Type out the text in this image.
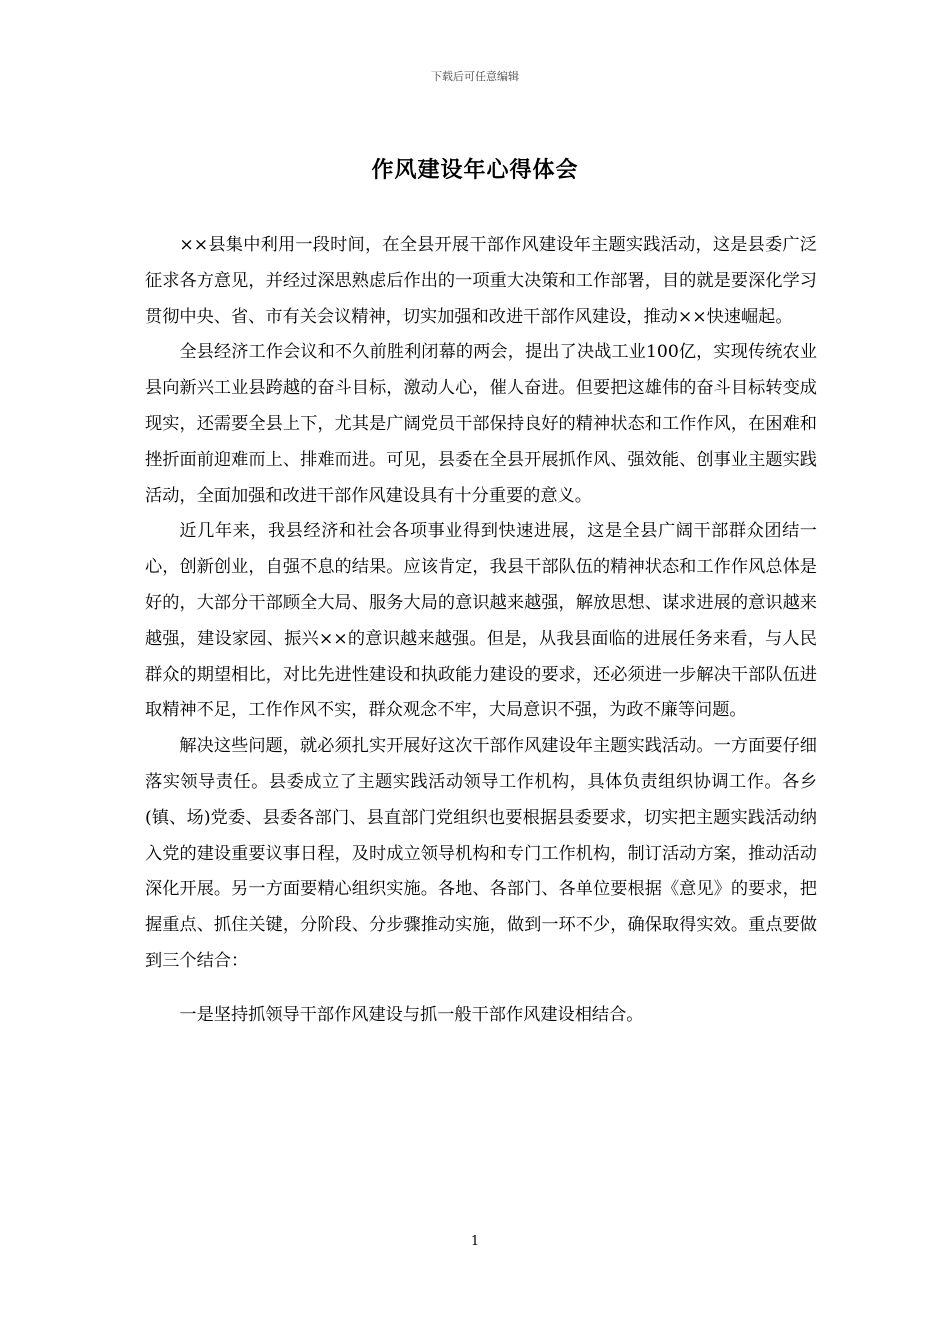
下载后可任意编辑
作风建设年心得体会

××县集中利用一段时间，在全县开展干部作风建设年主题实践活动，这是县委广泛征求各方意见，并经过深思熟虑后作出的一项重大决策和工作部署，目的就是要深化学习贯彻中央、省、市有关会议精神，切实加强和改进干部作风建设，推动××快速崛起。

全县经济工作会议和不久前胜利闭幕的两会，提出了决战工业100亿，实现传统农业县向新兴工业县跨越的奋斗目标，激动人心，催人奋进。但要把这雄伟的奋斗目标转变成现实，还需要全县上下，尤其是广阔党员干部保持良好的精神状态和工作作风，在困难和挫折面前迎难而上、排难而进。可见，县委在全县开展抓作风、强效能、创事业主题实践活动，全面加强和改进干部作风建设具有十分重要的意义。

近几年来，我县经济和社会各项事业得到快速进展，这是全县广阔干部群众团结一心，创新创业，自强不息的结果。应该肯定，我县干部队伍的精神状态和工作作风总体是好的，大部分干部顾全大局、服务大局的意识越来越强，解放思想、谋求进展的意识越来越强，建设家园、振兴××的意识越来越强。但是，从我县面临的进展任务来看，与人民群众的期望相比，对比先进性建设和执政能力建设的要求，还必须进一步解决干部队伍进取精神不足，工作作风不实，群众观念不牢，大局意识不强，为政不廉等问题。

解决这些问题，就必须扎实开展好这次干部作风建设年主题实践活动。一方面要仔细落实领导责任。县委成立了主题实践活动领导工作机构，具体负责组织协调工作。各乡(镇、场)党委、县委各部门、县直部门党组织也要根据县委要求，切实把主题实践活动纳入党的建设重要议事日程，及时成立领导机构和专门工作机构，制订活动方案，推动活动深化开展。另一方面要精心组织实施。各地、各部门、各单位要根据《意见》的要求，把握重点、抓住关键，分阶段、分步骤推动实施，做到一环不少，确保取得实效。重点要做到三个结合：

一是坚持抓领导干部作风建设与抓一般干部作风建设相结合。

1
